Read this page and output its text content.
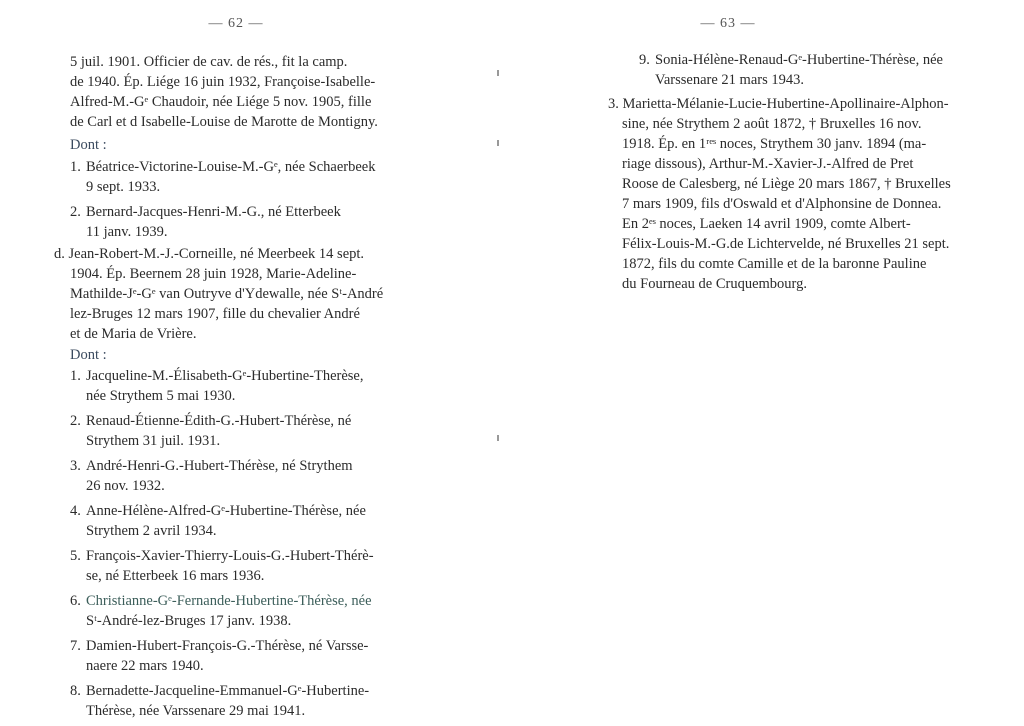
— 62 —
5 juil. 1901. Officier de cav. de rés., fit la camp.
de 1940. Ép. Liége 16 juin 1932, Françoise-Isabelle-
Alfred-M.-Gᵉ Chaudoir, née Liége 5 nov. 1905, fille
de Carl et d Isabelle-Louise de Marotte de Montigny.
Dont :
1. Béatrice-Victorine-Louise-M.-Gᵉ, née Schaerbeek
9 sept. 1933.
2. Bernard-Jacques-Henri-M.-G., né Etterbeek
11 janv. 1939.
d. Jean-Robert-M.-J.-Corneille, né Meerbeek 14 sept.
1904. Ép. Beernem 28 juin 1928, Marie-Adeline-
Mathilde-Jᵉ-Gᵉ van Outryve d'Ydewalle, née Sᵗ-André
lez-Bruges 12 mars 1907, fille du chevalier André
et de Maria de Vrière.
Dont :
1. Jacqueline-M.-Élisabeth-Gᵉ-Hubertine-Therèse,
née Strythem 5 mai 1930.
2. Renaud-Étienne-Édith-G.-Hubert-Thérèse, né
Strythem 31 juil. 1931.
3. André-Henri-G.-Hubert-Thérèse, né Strythem
26 nov. 1932.
4. Anne-Hélène-Alfred-Gᵉ-Hubertine-Thérèse, née
Strythem 2 avril 1934.
5. François-Xavier-Thierry-Louis-G.-Hubert-Thérè-
se, né Etterbeek 16 mars 1936.
6. Christianne-Gᵉ-Fernande-Hubertine-Thérèse, née
Sᵗ-André-lez-Bruges 17 janv. 1938.
7. Damien-Hubert-François-G.-Thérèse, né Varsse-
naere 22 mars 1940.
8. Bernadette-Jacqueline-Emmanuel-Gᵉ-Hubertine-
Thérèse, née Varssenare 29 mai 1941.
— 63 —
9. Sonia-Hélène-Renaud-Gᵉ-Hubertine-Thérèse, née
Varssenare 21 mars 1943.
3. Marietta-Mélanie-Lucie-Hubertine-Apollinaire-Alphon-
sine, née Strythem 2 août 1872, † Bruxelles 16 nov.
1918. Ép. en 1ʳᵉˢ noces, Strythem 30 janv. 1894 (ma-
riage dissous), Arthur-M.-Xavier-J.-Alfred de Pret
Roose de Calesberg, né Liège 20 mars 1867, † Bruxelles
7 mars 1909, fils d'Oswald et d'Alphonsine de Donnea.
En 2ᵉˢ noces, Laeken 14 avril 1909, comte Albert-
Félix-Louis-M.-G.de Lichtervelde, né Bruxelles 21 sept.
1872, fils du comte Camille et de la baronne Pauline
du Fourneau de Cruquembourg.
